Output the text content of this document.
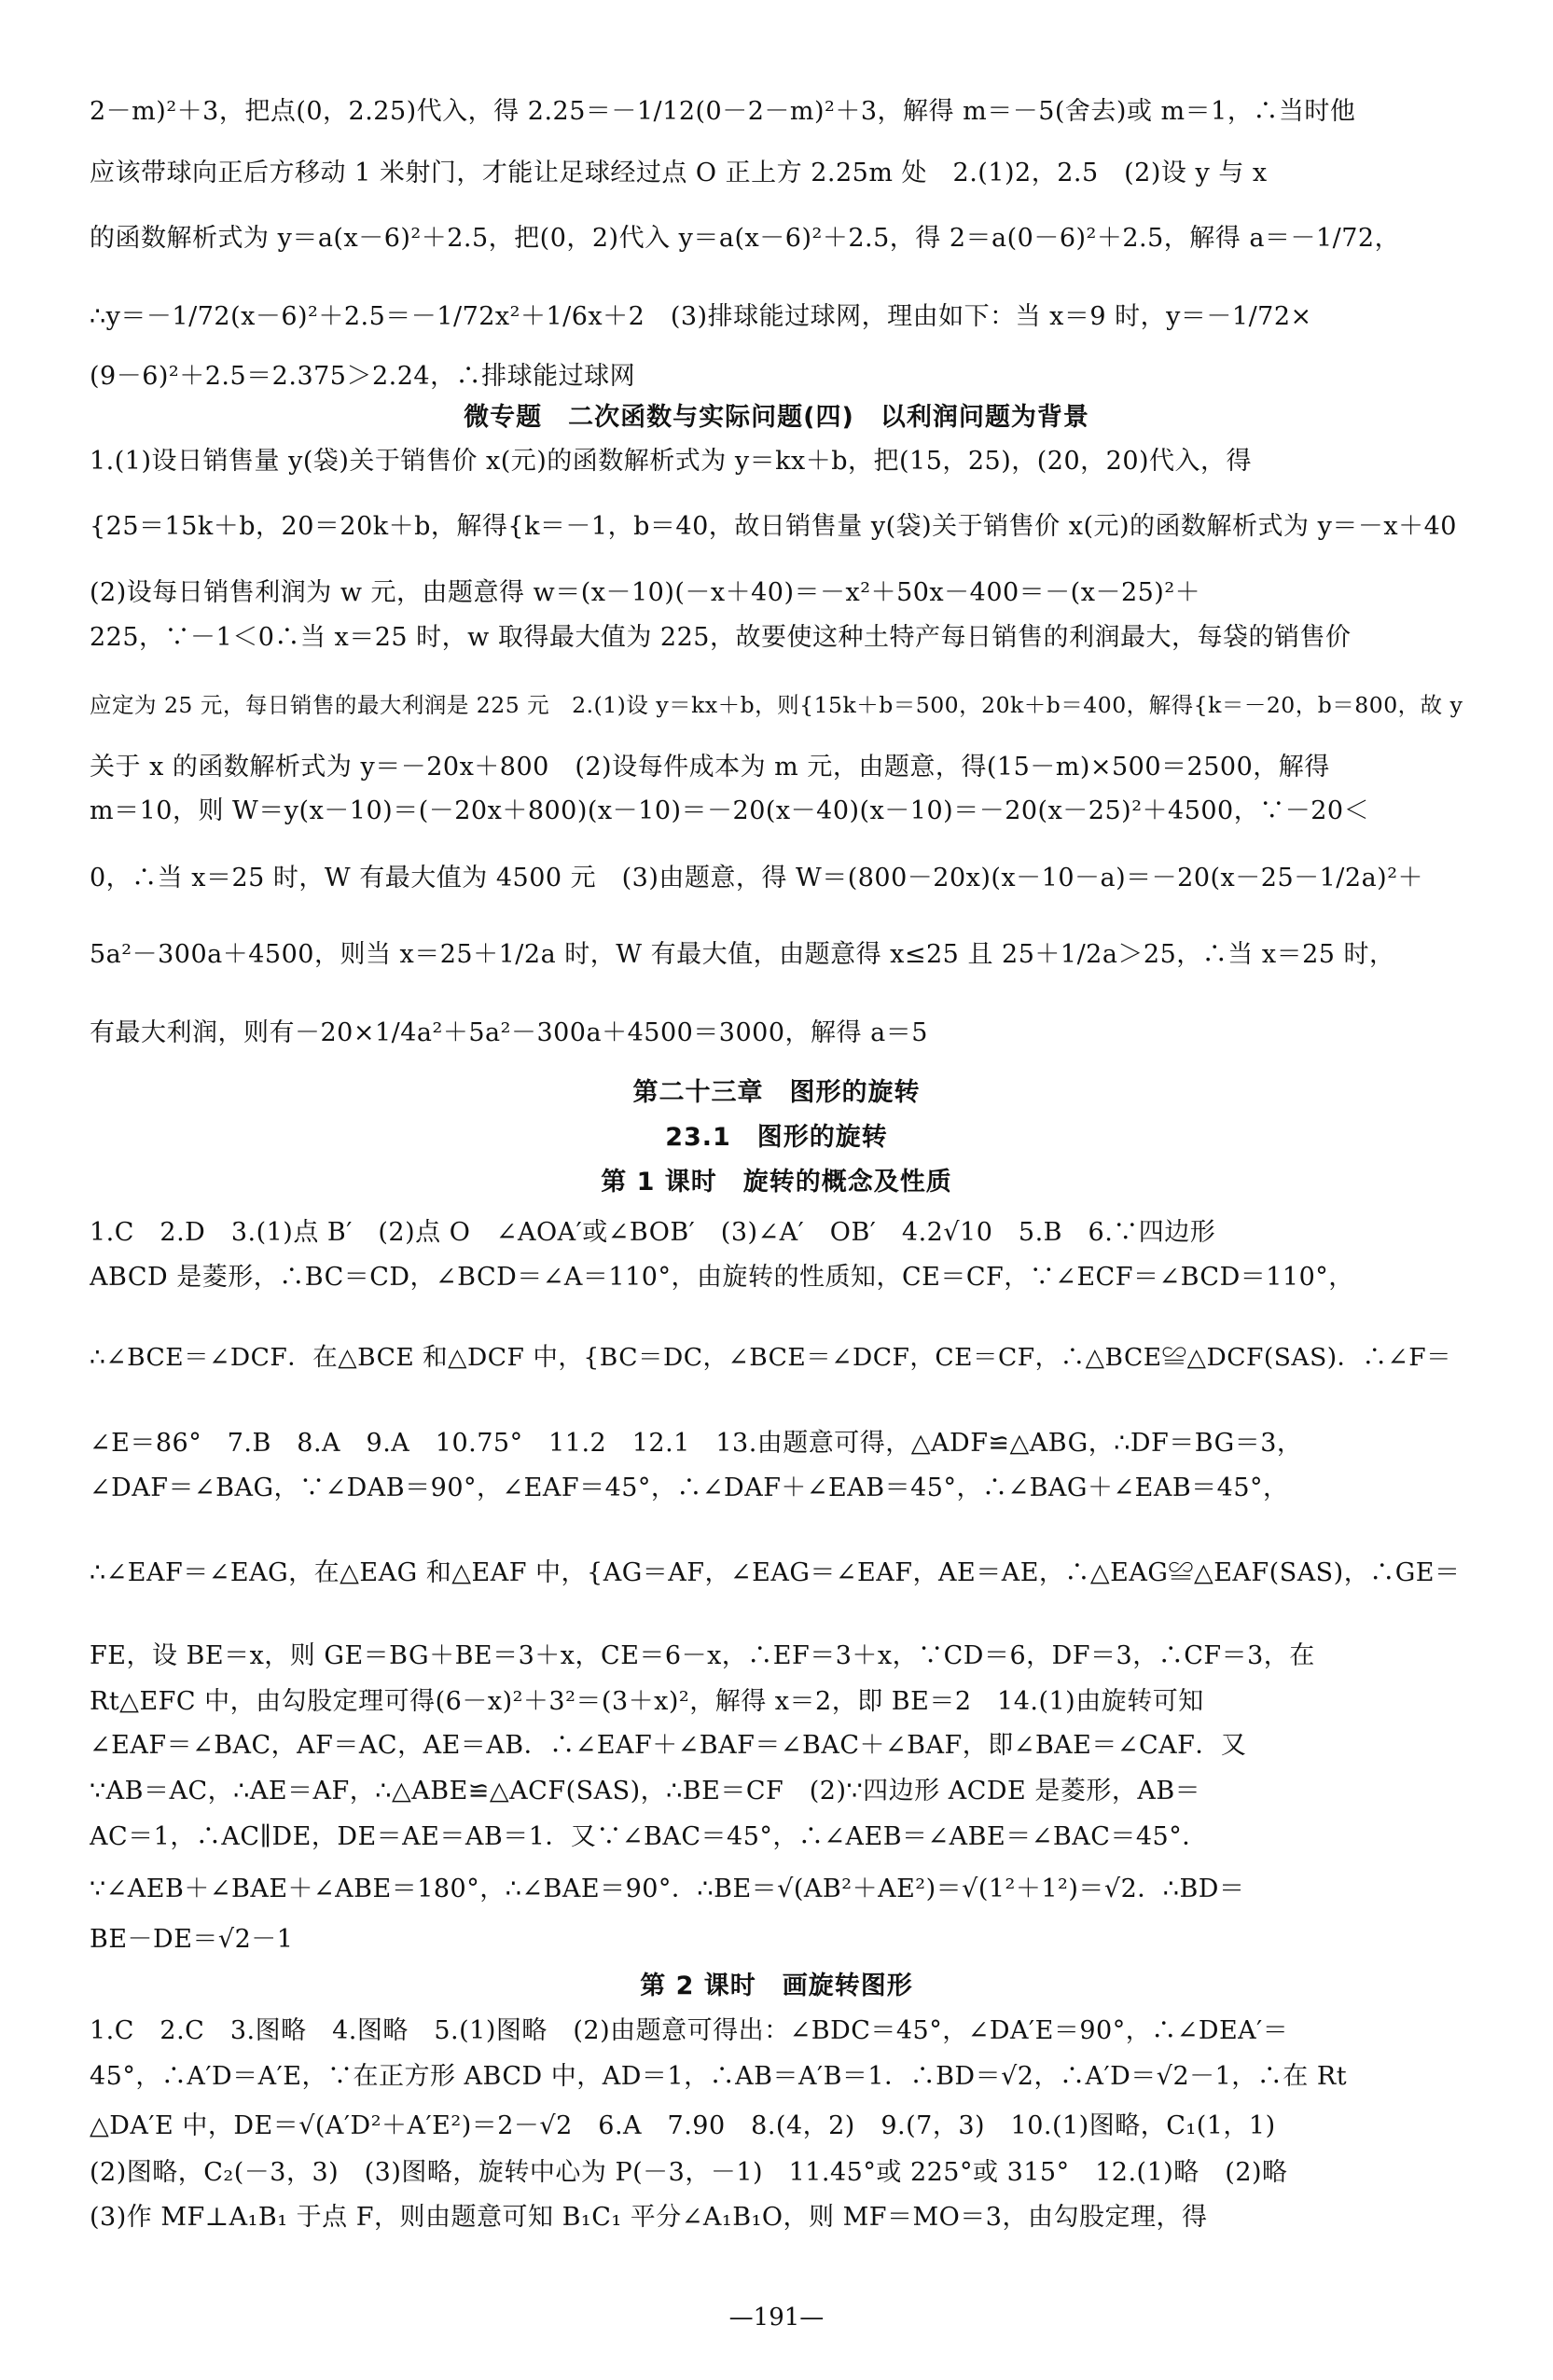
2－m)²＋3，把点(0，2.25)代入，得 2.25＝－1/12(0－2－m)²＋3，解得 m＝－5(舍去)或 m＝1，∴当时他
应该带球向正后方移动 1 米射门，才能让足球经过点 O 正上方 2.25m 处　2.(1)2，2.5　(2)设 y 与 x
的函数解析式为 y＝a(x－6)²＋2.5，把(0，2)代入 y＝a(x－6)²＋2.5，得 2＝a(0－6)²＋2.5，解得 a＝－1/72，
∴y＝－1/72(x－6)²＋2.5＝－1/72x²＋1/6x＋2　(3)排球能过球网，理由如下：当 x＝9 时，y＝－1/72×
(9－6)²＋2.5＝2.375＞2.24，∴排球能过球网
微专题　二次函数与实际问题(四)　以利润问题为背景
1.(1)设日销售量 y(袋)关于销售价 x(元)的函数解析式为 y＝kx＋b，把(15，25)，(20，20)代入，得
{25＝15k＋b，20＝20k＋b，解得{k＝－1，b＝40，故日销售量 y(袋)关于销售价 x(元)的函数解析式为 y＝－x＋40
(2)设每日销售利润为 w 元，由题意得 w＝(x－10)(－x＋40)＝－x²＋50x－400＝－(x－25)²＋
225，∵－1＜0∴当 x＝25 时，w 取得最大值为 225，故要使这种土特产每日销售的利润最大，每袋的销售价
应定为 25 元，每日销售的最大利润是 225 元　2.(1)设 y＝kx＋b，则{15k＋b＝500，20k＋b＝400，解得{k＝－20，b＝800，故 y
关于 x 的函数解析式为 y＝－20x＋800　(2)设每件成本为 m 元，由题意，得(15－m)×500＝2500，解得
m＝10，则 W＝y(x－10)＝(－20x＋800)(x－10)＝－20(x－40)(x－10)＝－20(x－25)²＋4500，∵－20＜
0，∴当 x＝25 时，W 有最大值为 4500 元　(3)由题意，得 W＝(800－20x)(x－10－a)＝－20(x－25－1/2a)²＋
5a²－300a＋4500，则当 x＝25＋1/2a 时，W 有最大值，由题意得 x≤25 且 25＋1/2a＞25，∴当 x＝25 时，
有最大利润，则有－20×1/4a²＋5a²－300a＋4500＝3000，解得 a＝5
第二十三章　图形的旋转
23.1　图形的旋转
第 1 课时　旋转的概念及性质
1.C　2.D　3.(1)点 B′　(2)点 O　∠AOA′或∠BOB′　(3)∠A′　OB′　4.2√10　5.B　6.∵四边形
ABCD 是菱形，∴BC＝CD，∠BCD＝∠A＝110°，由旋转的性质知，CE＝CF，∵∠ECF＝∠BCD＝110°，
∴∠BCE＝∠DCF．在△BCE 和△DCF 中，{BC＝DC，∠BCE＝∠DCF，CE＝CF，∴△BCE≌△DCF(SAS)．∴∠F＝
∠E＝86°　7.B　8.A　9.A　10.75°　11.2　12.1　13.由题意可得，△ADF≌△ABG，∴DF＝BG＝3，
∠DAF＝∠BAG，∵∠DAB＝90°，∠EAF＝45°，∴∠DAF＋∠EAB＝45°，∴∠BAG＋∠EAB＝45°，
∴∠EAF＝∠EAG，在△EAG 和△EAF 中，{AG＝AF，∠EAG＝∠EAF，AE＝AE，∴△EAG≌△EAF(SAS)，∴GE＝
FE，设 BE＝x，则 GE＝BG＋BE＝3＋x，CE＝6－x，∴EF＝3＋x，∵CD＝6，DF＝3，∴CF＝3，在
Rt△EFC 中，由勾股定理可得(6－x)²＋3²＝(3＋x)²，解得 x＝2，即 BE＝2　14.(1)由旋转可知
∠EAF＝∠BAC，AF＝AC，AE＝AB．∴∠EAF＋∠BAF＝∠BAC＋∠BAF，即∠BAE＝∠CAF．又
∵AB＝AC，∴AE＝AF，∴△ABE≌△ACF(SAS)，∴BE＝CF　(2)∵四边形 ACDE 是菱形，AB＝
AC＝1，∴AC∥DE，DE＝AE＝AB＝1．又∵∠BAC＝45°，∴∠AEB＝∠ABE＝∠BAC＝45°．
∵∠AEB＋∠BAE＋∠ABE＝180°，∴∠BAE＝90°．∴BE＝√(AB²＋AE²)＝√(1²＋1²)＝√2．∴BD＝
BE－DE＝√2－1
第 2 课时　画旋转图形
1.C　2.C　3.图略　4.图略　5.(1)图略　(2)由题意可得出：∠BDC＝45°，∠DA′E＝90°，∴∠DEA′＝
45°，∴A′D＝A′E，∵在正方形 ABCD 中，AD＝1，∴AB＝A′B＝1．∴BD＝√2，∴A′D＝√2－1，∴在 Rt
△DA′E 中，DE＝√(A′D²＋A′E²)＝2－√2　6.A　7.90　8.(4，2)　9.(7，3)　10.(1)图略，C₁(1，1)
(2)图略，C₂(－3，3)　(3)图略，旋转中心为 P(－3，－1)　11.45°或 225°或 315°　12.(1)略　(2)略
(3)作 MF⊥A₁B₁ 于点 F，则由题意可知 B₁C₁ 平分∠A₁B₁O，则 MF＝MO＝3，由勾股定理，得
—191—
